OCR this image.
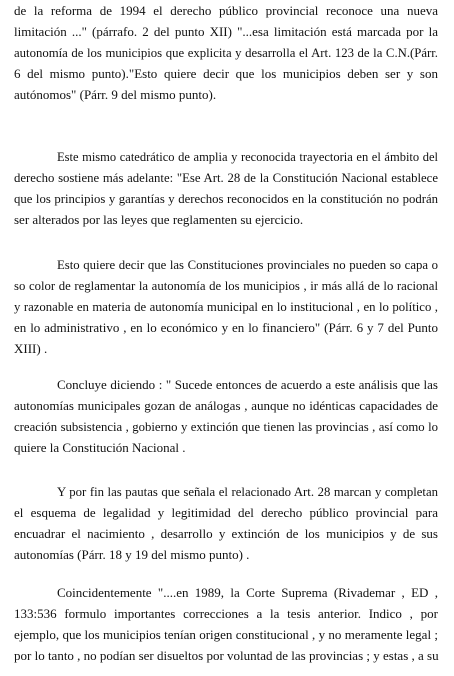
de la reforma de 1994 el derecho público provincial reconoce una nueva

limitación ..." (párrafo. 2 del punto XII) "...esa limitación está marcada por la

autonomía de los municipios que explicita y desarrolla el Art. 123 de la C.N.(Párr.

6 del mismo punto)."Esto quiere decir que los municipios deben ser y son

autónomos" (Párr. 9 del mismo punto).

Este mismo catedrático de amplia y reconocida trayectoria en el ámbito del

derecho sostiene más adelante: "Ese Art. 28 de la Constitución Nacional establece

que los principios y garantías y derechos reconocidos en la constitución no podrán

ser alterados por las leyes que reglamenten su ejercicio.

Esto quiere decir que las Constituciones provinciales no pueden so capa o

so color de reglamentar la autonomía de los municipios , ir más allá de lo racional

y razonable en materia de autonomía municipal en lo institucional , en lo político ,

en lo administrativo , en lo económico y en lo financiero" (Párr. 6 y 7 del Punto

XIII) .

Concluye diciendo : " Sucede entonces de acuerdo a este análisis que las

autonomías municipales gozan de análogas , aunque no idénticas capacidades de

creación subsistencia , gobierno y extinción que tienen las provincias , así como lo

quiere la Constitución Nacional .

Y por fin las pautas que señala el relacionado Art. 28 marcan y completan

el esquema de legalidad y legitimidad del derecho público provincial para

encuadrar el nacimiento , desarrollo y extinción de los municipios y de sus

autonomías (Párr. 18 y 19 del mismo punto) .

Coincidentemente "....en 1989, la Corte Suprema (Rivademar , ED ,

133:536 formulo importantes correcciones a la tesis anterior. Indico , por

ejemplo, que los municipios tenían origen constitucional , y no meramente legal ;

por lo tanto , no podían ser disueltos por voluntad de las provincias ; y estas , a su
